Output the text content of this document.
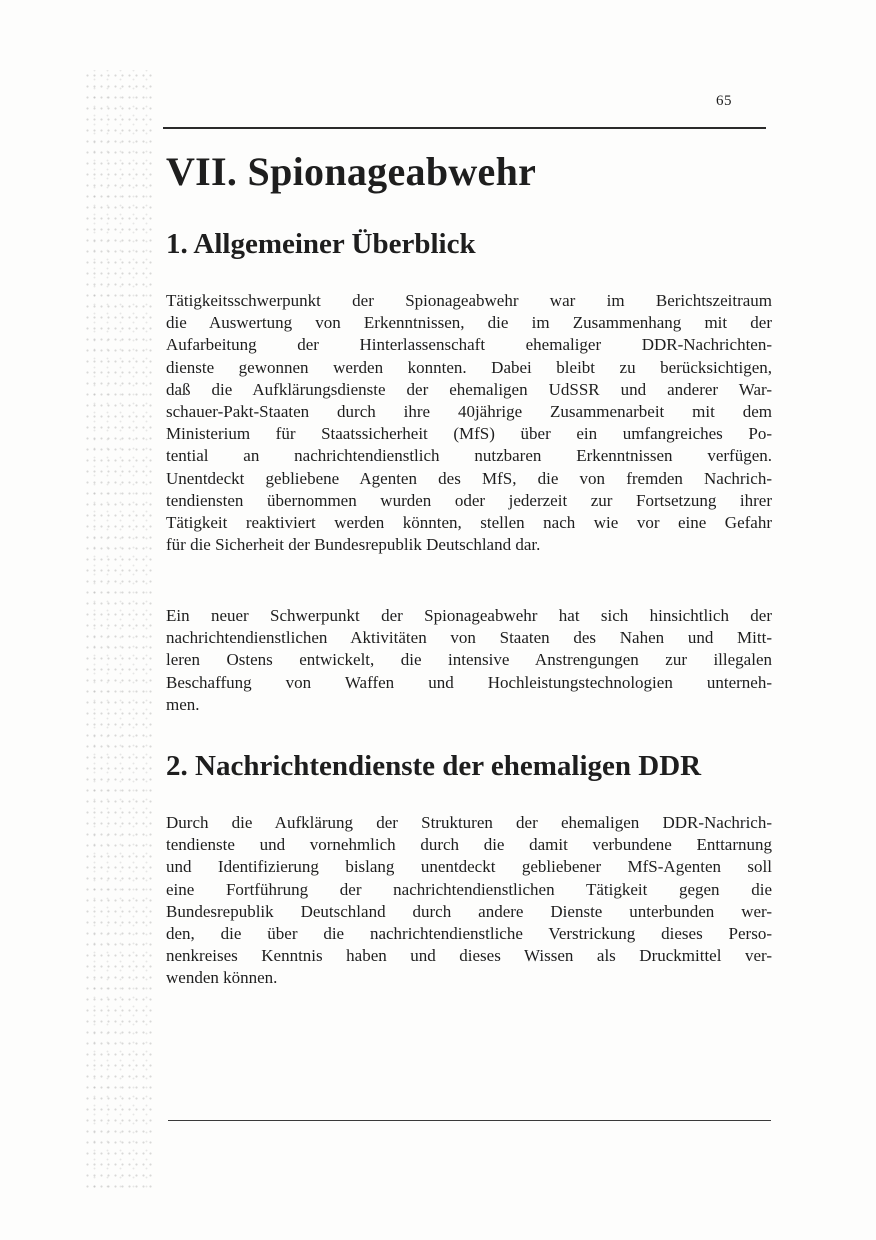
65
VII. Spionageabwehr
1. Allgemeiner Überblick

Tätigkeitsschwerpunkt der Spionageabwehr war im Berichtszeitraum
die Auswertung von Erkenntnissen, die im Zusammenhang mit der
Aufarbeitung der Hinterlassenschaft ehemaliger DDR-Nachrichten-
dienste gewonnen werden konnten. Dabei bleibt zu berücksichtigen,
daß die Aufklärungsdienste der ehemaligen UdSSR und anderer War-
schauer-Pakt-Staaten durch ihre 40jährige Zusammenarbeit mit dem
Ministerium für Staatssicherheit (MfS) über ein umfangreiches Po-
tential an nachrichtendienstlich nutzbaren Erkenntnissen verfügen.
Unentdeckt gebliebene Agenten des MfS, die von fremden Nachrich-
tendiensten übernommen wurden oder jederzeit zur Fortsetzung ihrer
Tätigkeit reaktiviert werden könnten, stellen nach wie vor eine Gefahr
für die Sicherheit der Bundesrepublik Deutschland dar.

Ein neuer Schwerpunkt der Spionageabwehr hat sich hinsichtlich der
nachrichtendienstlichen Aktivitäten von Staaten des Nahen und Mitt-
leren Ostens entwickelt, die intensive Anstrengungen zur illegalen
Beschaffung von Waffen und Hochleistungstechnologien unterneh-
men.

2. Nachrichtendienste der ehemaligen DDR

Durch die Aufklärung der Strukturen der ehemaligen DDR-Nachrich-
tendienste und vornehmlich durch die damit verbundene Enttarnung
und Identifizierung bislang unentdeckt gebliebener MfS-Agenten soll
eine Fortführung der nachrichtendienstlichen Tätigkeit gegen die
Bundesrepublik Deutschland durch andere Dienste unterbunden wer-
den, die über die nachrichtendienstliche Verstrickung dieses Perso-
nenkreises Kenntnis haben und dieses Wissen als Druckmittel ver-
wenden können.
